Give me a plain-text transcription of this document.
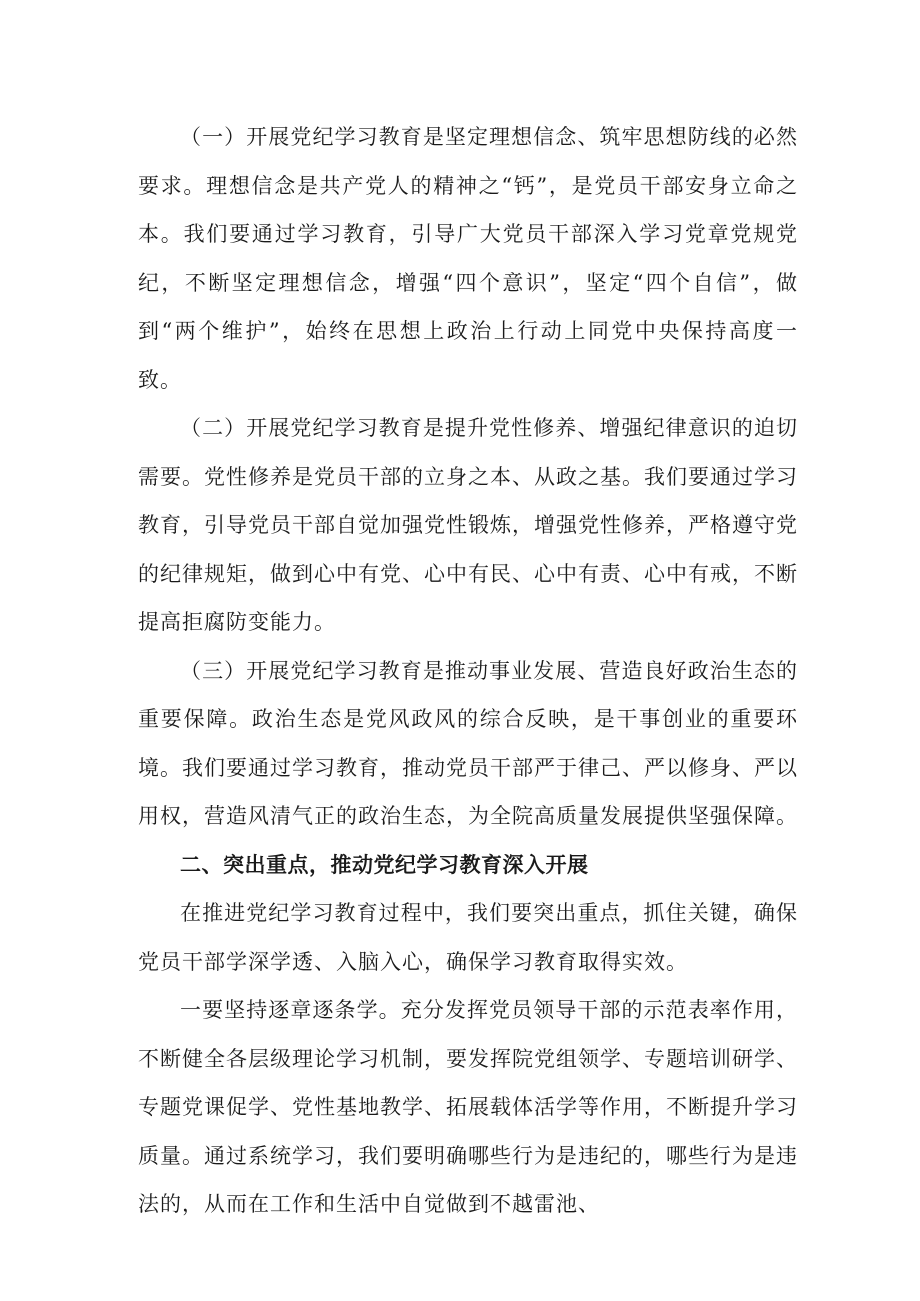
（一）开展党纪学习教育是坚定理想信念、筑牢思想防线的必然要求。理想信念是共产党人的精神之“钙”，是党员干部安身立命之本。我们要通过学习教育，引导广大党员干部深入学习党章党规党纪，不断坚定理想信念，增强“四个意识”，坚定“四个自信”，做到“两个维护”，始终在思想上政治上行动上同党中央保持高度一致。

（二）开展党纪学习教育是提升党性修养、增强纪律意识的迫切需要。党性修养是党员干部的立身之本、从政之基。我们要通过学习教育，引导党员干部自觉加强党性锻炼，增强党性修养，严格遵守党的纪律规矩，做到心中有党、心中有民、心中有责、心中有戒，不断提高拒腐防变能力。

（三）开展党纪学习教育是推动事业发展、营造良好政治生态的重要保障。政治生态是党风政风的综合反映，是干事创业的重要环境。我们要通过学习教育，推动党员干部严于律己、严以修身、严以用权，营造风清气正的政治生态，为全院高质量发展提供坚强保障。

二、突出重点，推动党纪学习教育深入开展

在推进党纪学习教育过程中，我们要突出重点，抓住关键，确保党员干部学深学透、入脑入心，确保学习教育取得实效。

一要坚持逐章逐条学。充分发挥党员领导干部的示范表率作用，不断健全各层级理论学习机制，要发挥院党组领学、专题培训研学、专题党课促学、党性基地教学、拓展载体活学等作用，不断提升学习质量。通过系统学习，我们要明确哪些行为是违纪的，哪些行为是违法的，从而在工作和生活中自觉做到不越雷池、
